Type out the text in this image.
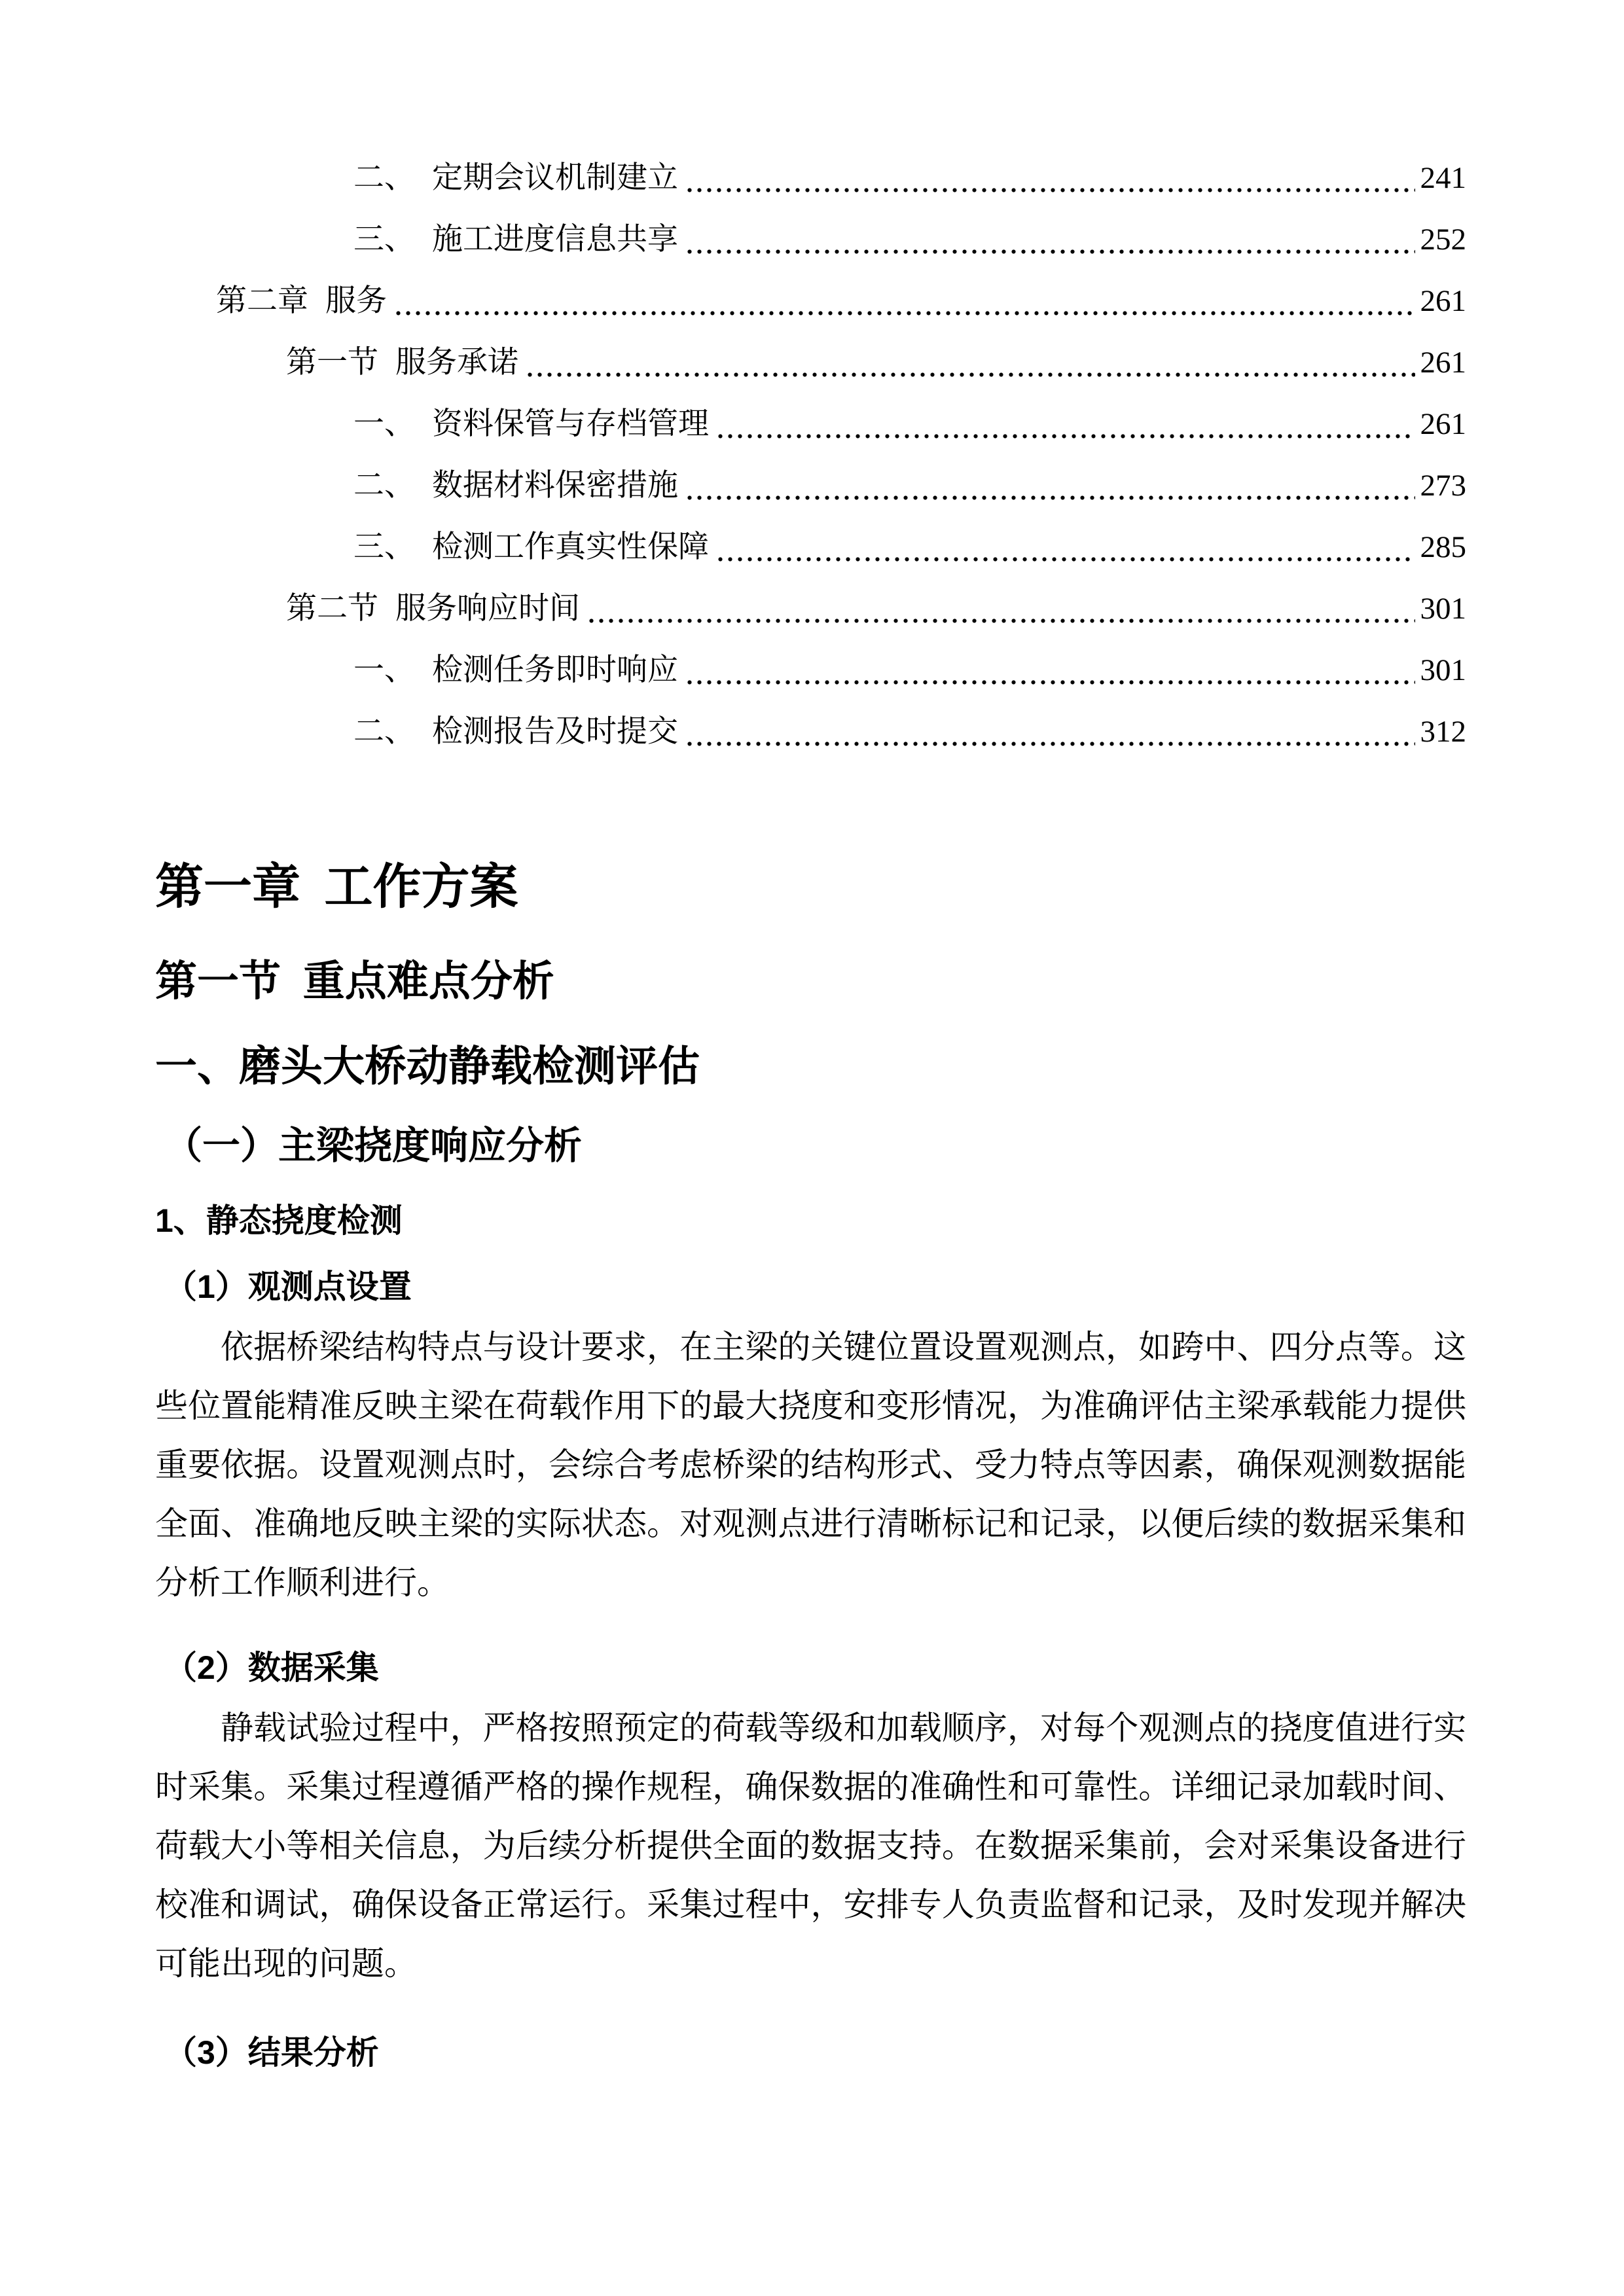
二、 定期会议机制建立	241
三、 施工进度信息共享	252
第二章 服务	261
第一节 服务承诺	261
一、 资料保管与存档管理	261
二、 数据材料保密措施	273
三、 检测工作真实性保障	285
第二节 服务响应时间	301
一、 检测任务即时响应	301
二、 检测报告及时提交	312
第一章 工作方案
第一节 重点难点分析
一、磨头大桥动静载检测评估
（一）主梁挠度响应分析
1、静态挠度检测
（1）观测点设置
依据桥梁结构特点与设计要求，在主梁的关键位置设置观测点，如跨中、四分点等。这些位置能精准反映主梁在荷载作用下的最大挠度和变形情况，为准确评估主梁承载能力提供重要依据。设置观测点时，会综合考虑桥梁的结构形式、受力特点等因素，确保观测数据能全面、准确地反映主梁的实际状态。对观测点进行清晰标记和记录，以便后续的数据采集和分析工作顺利进行。
（2）数据采集
静载试验过程中，严格按照预定的荷载等级和加载顺序，对每个观测点的挠度值进行实时采集。采集过程遵循严格的操作规程，确保数据的准确性和可靠性。详细记录加载时间、荷载大小等相关信息，为后续分析提供全面的数据支持。在数据采集前，会对采集设备进行校准和调试，确保设备正常运行。采集过程中，安排专人负责监督和记录，及时发现并解决可能出现的问题。
（3）结果分析
